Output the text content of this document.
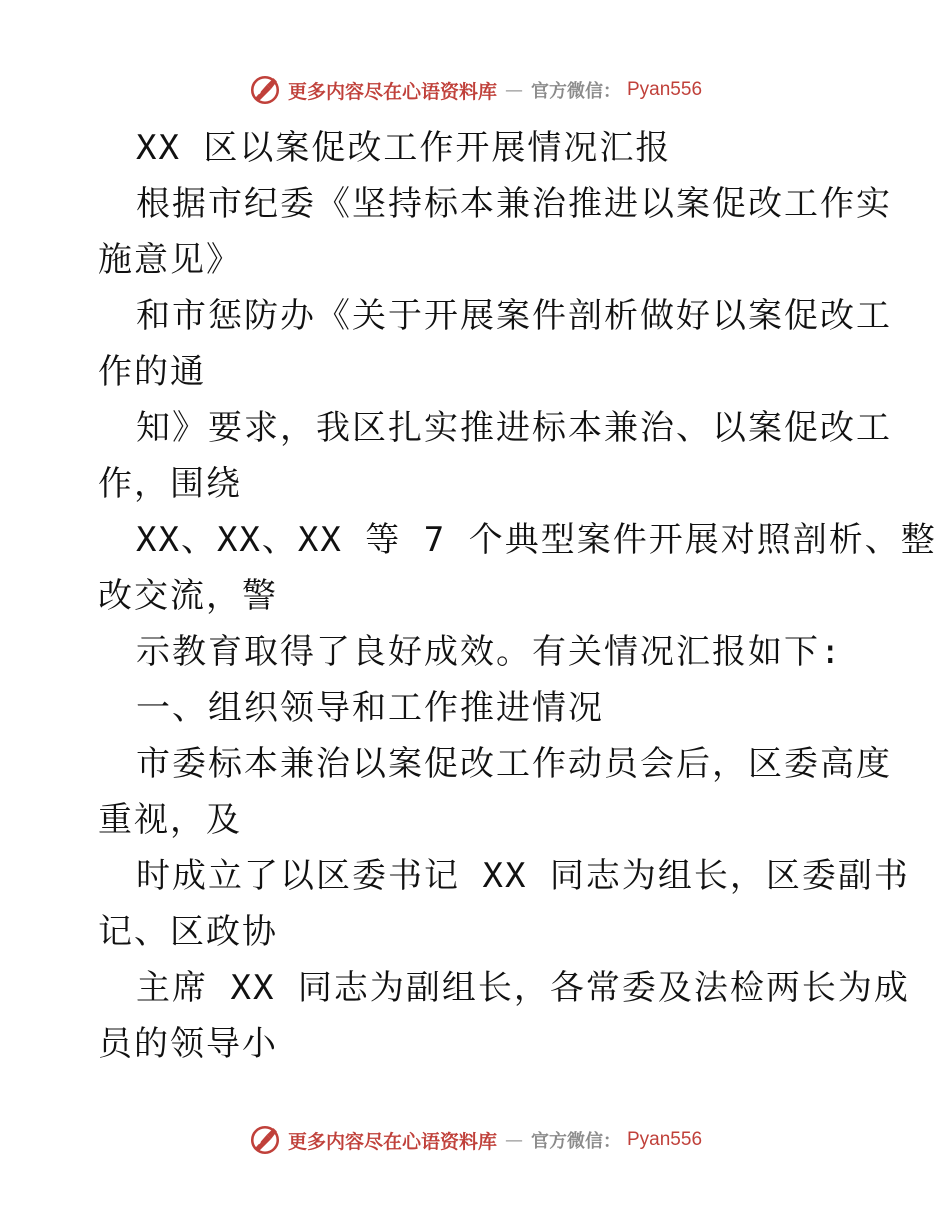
更多内容尽在心语资料库 — 官方微信： Pyan556
XX 区以案促改工作开展情况汇报
根据市纪委《坚持标本兼治推进以案促改工作实
施意见》
和市惩防办《关于开展案件剖析做好以案促改工
作的通
知》要求，我区扎实推进标本兼治、以案促改工
作，围绕
XX、XX、XX 等 7 个典型案件开展对照剖析、整
改交流，警
示教育取得了良好成效。有关情况汇报如下:
一、组织领导和工作推进情况
市委标本兼治以案促改工作动员会后，区委高度
重视，及
时成立了以区委书记 XX 同志为组长，区委副书
记、区政协
主席 XX 同志为副组长，各常委及法检两长为成
员的领导小
更多内容尽在心语资料库 — 官方微信： Pyan556
